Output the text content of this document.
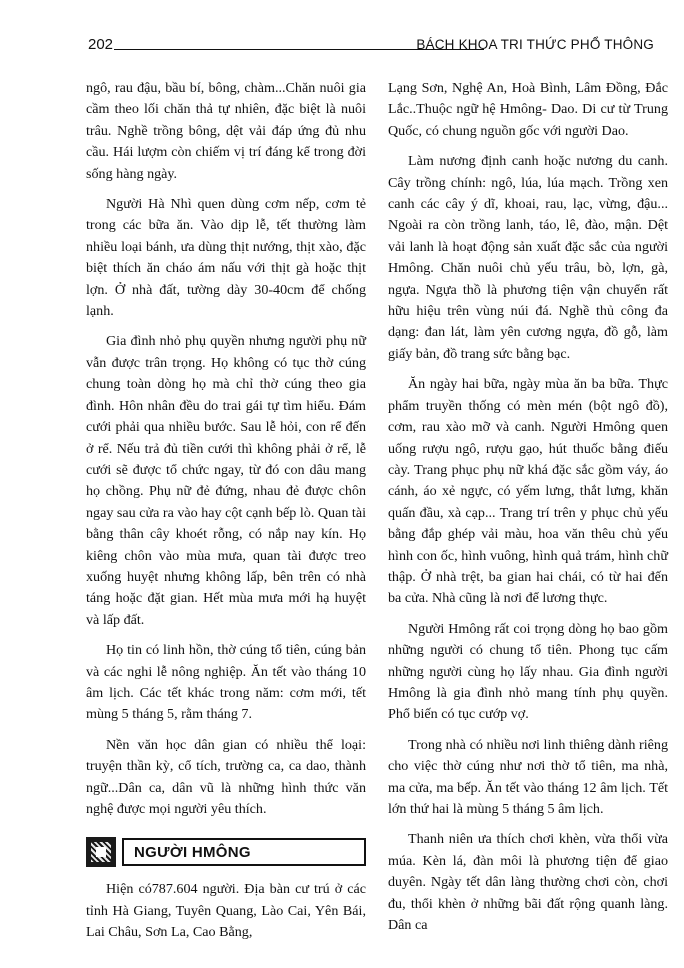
202	BÁCH KHOA TRI THỨC PHỔ THÔNG

ngô, rau đậu, bầu bí, bông, chàm...Chăn nuôi gia cầm theo lối chăn thả tự nhiên, đặc biệt là nuôi trâu. Nghề trồng bông, dệt vải đáp ứng đủ nhu cầu. Hái lượm còn chiếm vị trí đáng kể trong đời sống hàng ngày.

Người Hà Nhì quen dùng cơm nếp, cơm tẻ trong các bữa ăn. Vào dịp lễ, tết thường làm nhiều loại bánh, ưa dùng thịt nướng, thịt xào, đặc biệt thích ăn cháo ám nấu với thịt gà hoặc thịt lợn. Ở nhà đất, tường dày 30-40cm để chống lạnh.

Gia đình nhỏ phụ quyền nhưng người phụ nữ vẫn được trân trọng. Họ không có tục thờ cúng chung toàn dòng họ mà chỉ thờ cúng theo gia đình. Hôn nhân đều do trai gái tự tìm hiểu. Đám cưới phải qua nhiều bước. Sau lễ hỏi, con rể đến ở rể. Nếu trả đủ tiền cưới thì không phải ở rể, lễ cưới sẽ được tổ chức ngay, từ đó con dâu mang họ chồng. Phụ nữ đẻ đứng, nhau đẻ được chôn ngay sau cửa ra vào hay cột cạnh bếp lò. Quan tài bằng thân cây khoét rỗng, có nắp nay kín. Họ kiêng chôn vào mùa mưa, quan tài được treo xuống huyệt nhưng không lấp, bên trên có nhà táng hoặc đặt gian. Hết mùa mưa mới hạ huyệt và lấp đất.

Họ tin có linh hồn, thờ cúng tổ tiên, cúng bản và các nghi lễ nông nghiệp. Ăn tết vào tháng 10 âm lịch. Các tết khác trong năm: cơm mới, tết mùng 5 tháng 5, rằm tháng 7.

Nền văn học dân gian có nhiều thể loại: truyện thần kỳ, cổ tích, trường ca, ca dao, thành ngữ...Dân ca, dân vũ là những hình thức văn nghệ được mọi người yêu thích.

NGƯỜI HMÔNG

Hiện có787.604 người. Địa bàn cư trú ở các tỉnh Hà Giang, Tuyên Quang, Lào Cai, Yên Bái, Lai Châu, Sơn La, Cao Bằng,

Lạng Sơn, Nghệ An, Hoà Bình, Lâm Đồng, Đắc Lắc..Thuộc ngữ hệ Hmông- Dao. Di cư từ Trung Quốc, có chung nguồn gốc với người Dao.

Làm nương định canh hoặc nương du canh. Cây trồng chính: ngô, lúa, lúa mạch. Trồng xen canh các cây ý dĩ, khoai, rau, lạc, vừng, đậu... Ngoài ra còn trồng lanh, táo, lê, đào, mận. Dệt vải lanh là hoạt động sản xuất đặc sắc của người Hmông. Chăn nuôi chủ yếu trâu, bò, lợn, gà, ngựa. Ngựa thồ là phương tiện vận chuyển rất hữu hiệu trên vùng núi đá. Nghề thủ công đa dạng: đan lát, làm yên cương ngựa, đồ gỗ, làm giấy bản, đồ trang sức bằng bạc.

Ăn ngày hai bữa, ngày mùa ăn ba bữa. Thực phẩm truyền thống có mèn mén (bột ngô đồ), cơm, rau xào mỡ và canh. Người Hmông quen uống rượu ngô, rượu gạo, hút thuốc bằng điếu cày. Trang phục phụ nữ khá đặc sắc gồm váy, áo cánh, áo xẻ ngực, có yếm lưng, thắt lưng, khăn quấn đầu, xà cạp... Trang trí trên y phục chủ yếu bằng đắp ghép vải màu, hoa văn thêu chủ yếu hình con ốc, hình vuông, hình quả trám, hình chữ thập. Ở nhà trệt, ba gian hai chái, có từ hai đến ba cửa. Nhà cũng là nơi để lương thực.

Người Hmông rất coi trọng dòng họ bao gồm những người có chung tổ tiên. Phong tục cấm những người cùng họ lấy nhau. Gia đình người Hmông là gia đình nhỏ mang tính phụ quyền. Phổ biến có tục cướp vợ.

Trong nhà có nhiều nơi linh thiêng dành riêng cho việc thờ cúng như nơi thờ tổ tiên, ma nhà, ma cửa, ma bếp. Ăn tết vào tháng 12 âm lịch. Tết lớn thứ hai là mùng 5 tháng 5 âm lịch.

Thanh niên ưa thích chơi khèn, vừa thổi vừa múa. Kèn lá, đàn môi là phương tiện để giao duyên. Ngày tết dân làng thường chơi còn, chơi đu, thổi khèn ở những bãi đất rộng quanh làng. Dân ca
